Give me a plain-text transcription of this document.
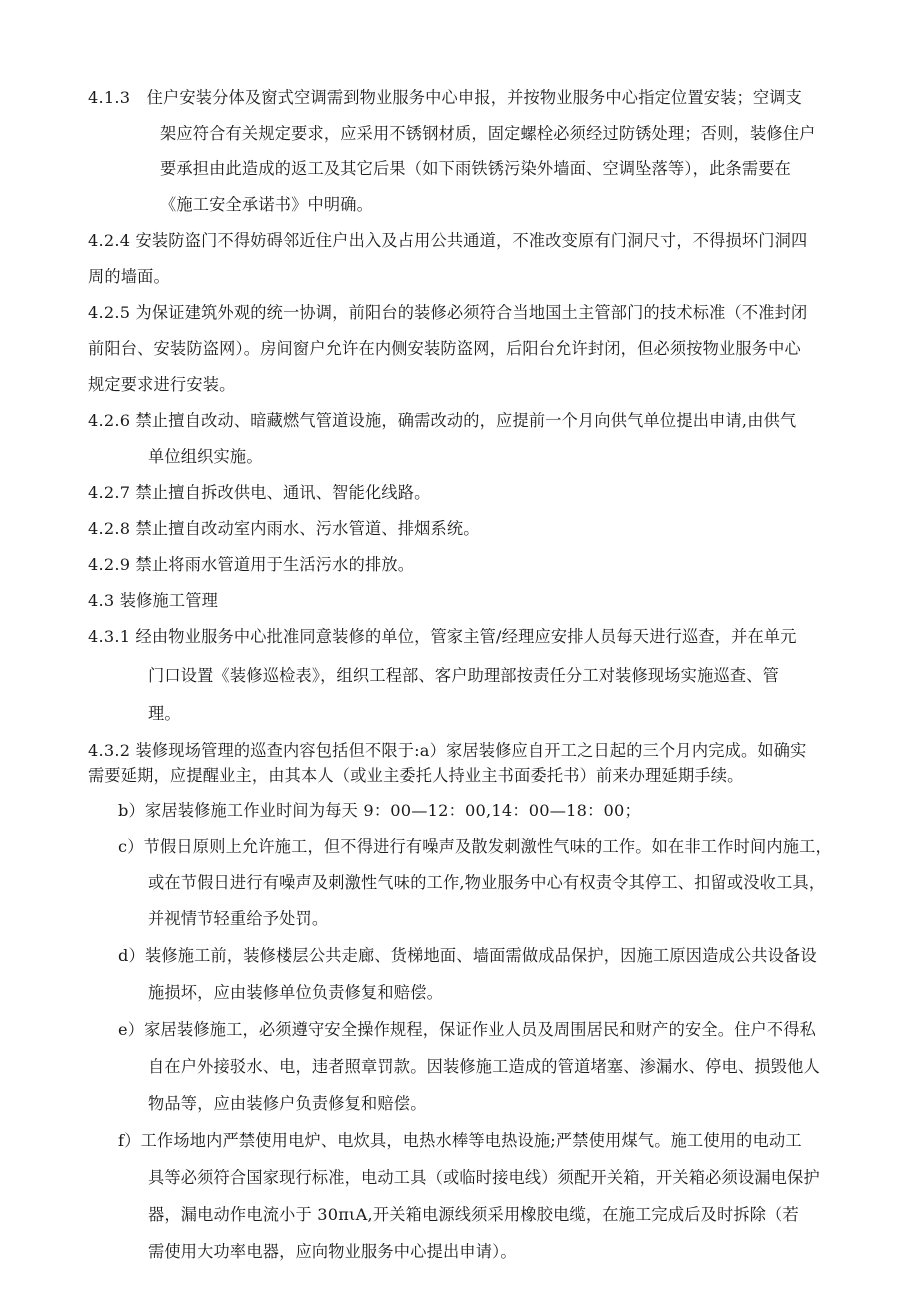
4.1.3　住户安装分体及窗式空调需到物业服务中心申报，并按物业服务中心指定位置安装；空调支
架应符合有关规定要求，应采用不锈钢材质，固定螺栓必须经过防锈处理；否则，装修住户
要承担由此造成的返工及其它后果（如下雨铁锈污染外墙面、空调坠落等），此条需要在
《施工安全承诺书》中明确。
4.2.4 安装防盗门不得妨碍邻近住户出入及占用公共通道，不准改变原有门洞尺寸，不得损坏门洞四
周的墙面。
4.2.5 为保证建筑外观的统一协调，前阳台的装修必须符合当地国土主管部门的技术标准（不准封闭
前阳台、安装防盗网）。房间窗户允许在内侧安装防盗网，后阳台允许封闭，但必须按物业服务中心
规定要求进行安装。
4.2.6 禁止擅自改动、暗藏燃气管道设施，确需改动的，应提前一个月向供气单位提出申请,由供气
单位组织实施。
4.2.7 禁止擅自拆改供电、通讯、智能化线路。
4.2.8 禁止擅自改动室内雨水、污水管道、排烟系统。
4.2.9 禁止将雨水管道用于生活污水的排放。
4.3 装修施工管理
4.3.1 经由物业服务中心批准同意装修的单位，管家主管/经理应安排人员每天进行巡查，并在单元
门口设置《装修巡检表》，组织工程部、客户助理部按责任分工对装修现场实施巡查、管
理。
4.3.2 装修现场管理的巡查内容包括但不限于:a）家居装修应自开工之日起的三个月内完成。如确实
需要延期，应提醒业主，由其本人（或业主委托人持业主书面委托书）前来办理延期手续。
b）家居装修施工作业时间为每天 9：00—12：00,14：00—18：00；
c）节假日原则上允许施工，但不得进行有噪声及散发刺激性气味的工作。如在非工作时间内施工，
或在节假日进行有噪声及刺激性气味的工作,物业服务中心有权责令其停工、扣留或没收工具，
并视情节轻重给予处罚。
d）装修施工前，装修楼层公共走廊、货梯地面、墙面需做成品保护，因施工原因造成公共设备设
施损坏，应由装修单位负责修复和赔偿。
e）家居装修施工，必须遵守安全操作规程，保证作业人员及周围居民和财产的安全。住户不得私
自在户外接驳水、电，违者照章罚款。因装修施工造成的管道堵塞、渗漏水、停电、损毁他人
物品等，应由装修户负责修复和赔偿。
f）工作场地内严禁使用电炉、电炊具，电热水棒等电热设施;严禁使用煤气。施工使用的电动工
具等必须符合国家现行标准，电动工具（或临时接电线）须配开关箱，开关箱必须设漏电保护
器，漏电动作电流小于 30πιA,开关箱电源线须采用橡胶电缆，在施工完成后及时拆除（若
需使用大功率电器，应向物业服务中心提出申请）。
